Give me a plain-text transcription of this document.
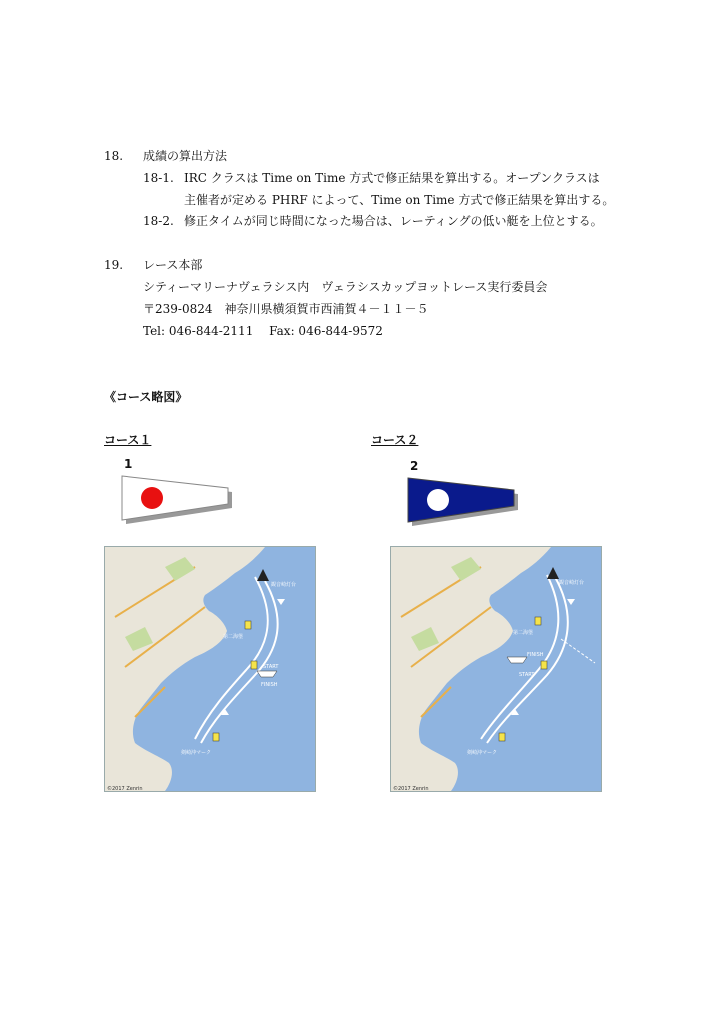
18. 成績の算出方法
18-1. IRC クラスは Time on Time 方式で修正結果を算出する。オープンクラスは
主催者が定める PHRF によって、Time on Time 方式で修正結果を算出する。
18-2. 修正タイムが同じ時間になった場合は、レーティングの低い艇を上位とする。
19. レース本部
シティーマリーナヴェラシス内　ヴェラシスカップヨットレース実行委員会
〒239-0824　神奈川県横須賀市西浦賀４－１１－５
Tel: 046-844-2111　 Fax: 046-844-9572
《コース略図》
コース１	コース２
1	2
観音崎灯台
第二海堡
START
FINISH
剣崎沖マーク
©2017 Zenrin
観音崎灯台
第二海堡
FINISH
START
剣崎沖マーク
©2017 Zenrin
